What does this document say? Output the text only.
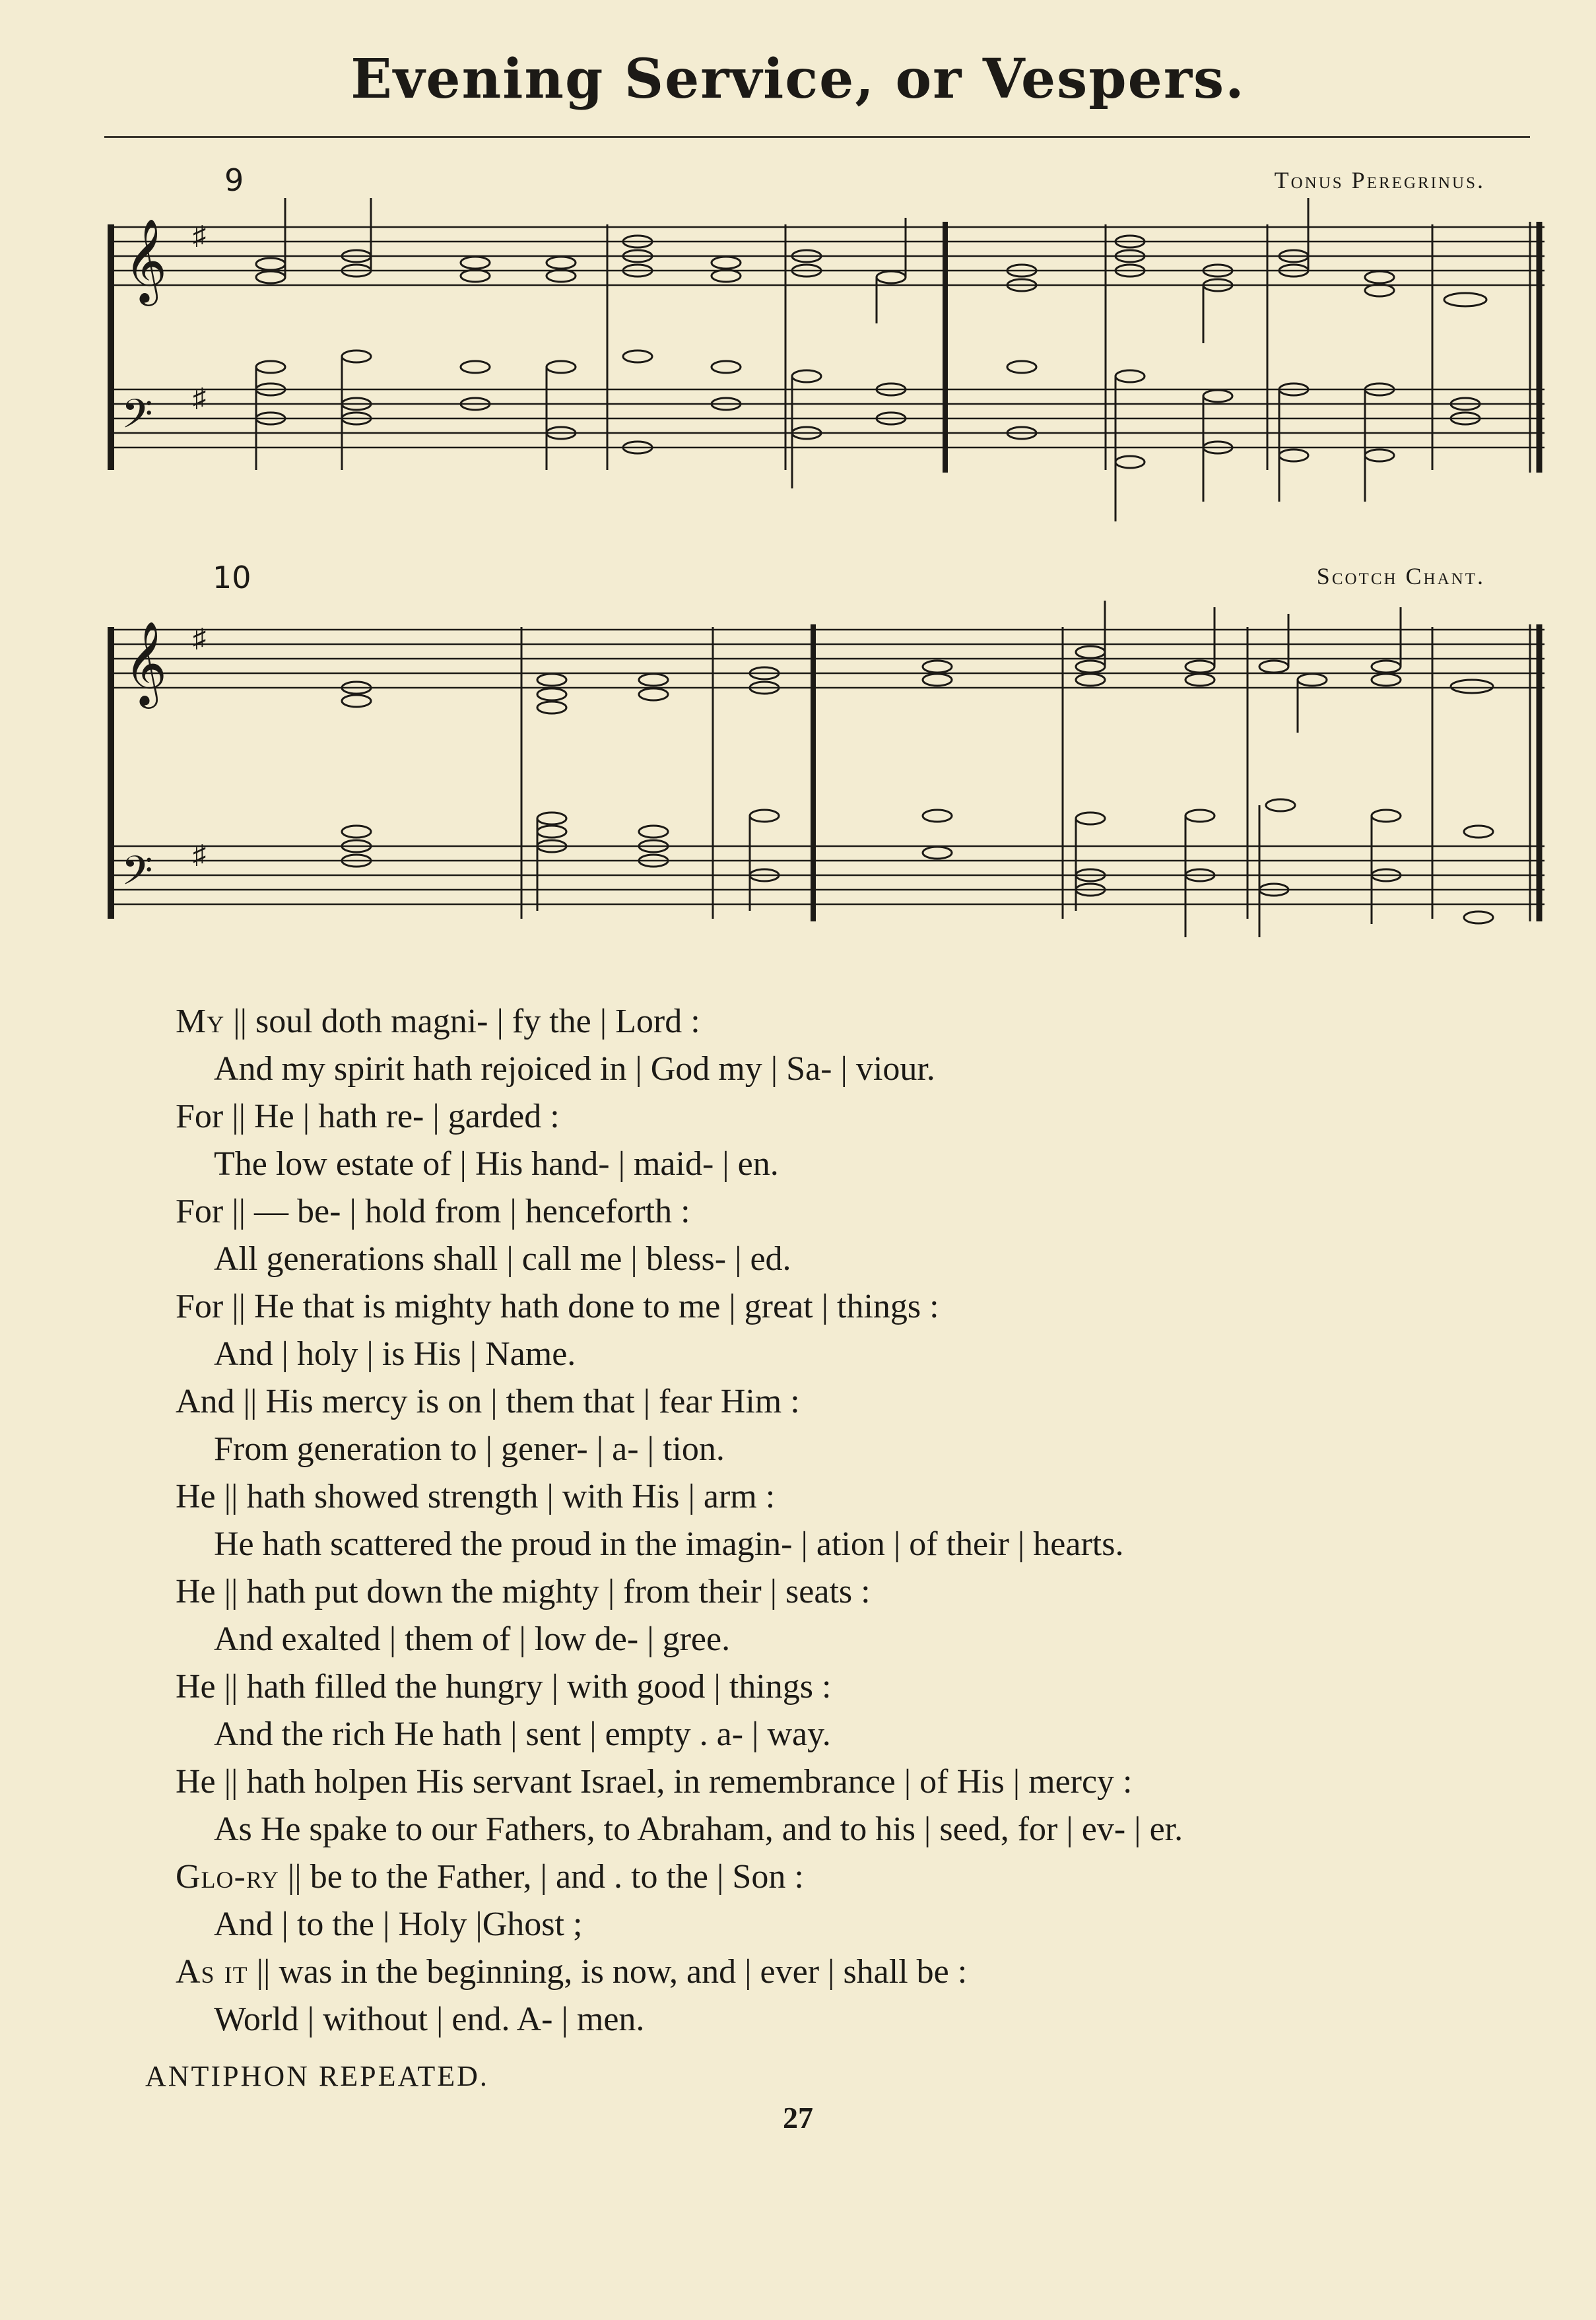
Evening Service, or Vespers.
9	Tonus Peregrinus.
10	Scotch Chant.
𝄞
𝄢
♯
♯
𝄞
𝄢
♯
♯
My || soul doth magni- | fy the | Lord :
And my spirit hath rejoiced in | God my | Sa- | viour.
For || He | hath re- | garded :
The low estate of | His hand- | maid- | en.
For || — be- | hold from | henceforth :
All generations shall | call me | bless- | ed.
For || He that is mighty hath done to me | great | things :
And | holy | is His | Name.
And || His mercy is on | them that | fear Him :
From generation to | gener- | a- | tion.
He || hath showed strength | with His | arm :
He hath scattered the proud in the imagin- | ation | of their | hearts.
He || hath put down the mighty | from their | seats :
And exalted | them of | low de- | gree.
He || hath filled the hungry | with good | things :
And the rich He hath | sent | empty . a- | way.
He || hath holpen His servant Israel, in remembrance | of His | mercy :
As He spake to our Fathers, to Abraham, and to his | seed, for | ev- | er.
Glo-ry || be to the Father, | and . to the | Son :
And | to the | Holy |Ghost ;
As it || was in the beginning, is now, and | ever | shall be :
World | without | end. A- | men.
ANTIPHON REPEATED.
27
